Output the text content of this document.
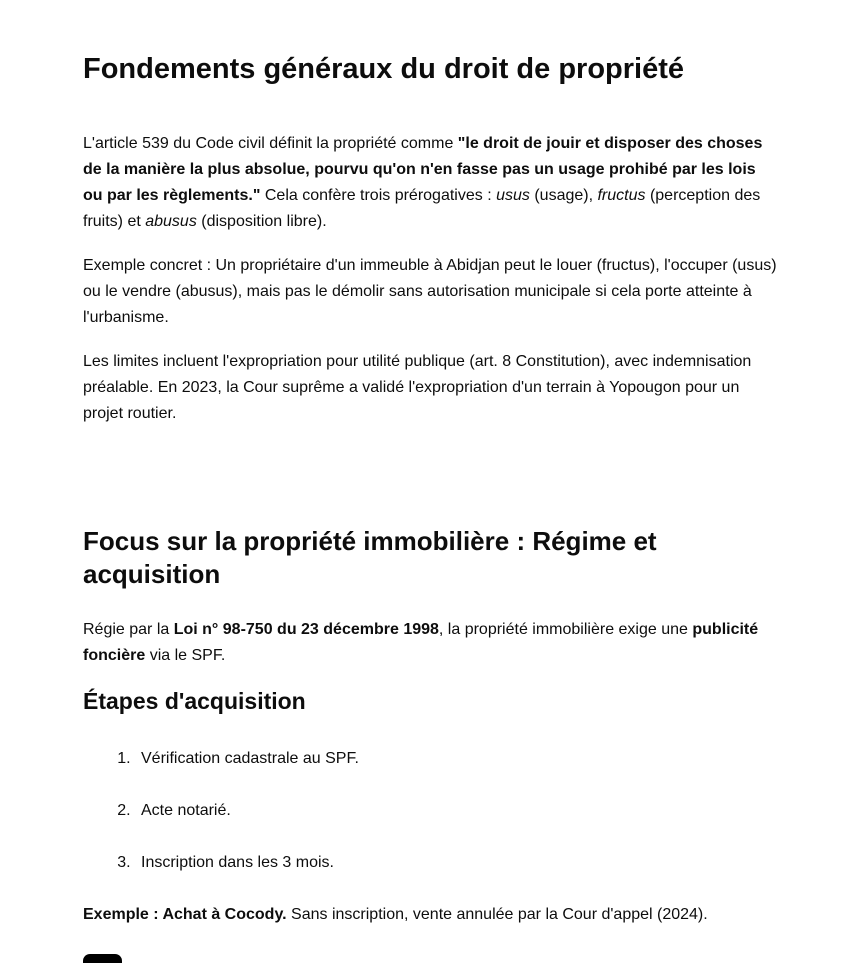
Fondements généraux du droit de propriété

L'article 539 du Code civil définit la propriété comme "le droit de jouir et disposer des choses de la manière la plus absolue, pourvu qu'on n'en fasse pas un usage prohibé par les lois ou par les règlements." Cela confère trois prérogatives : usus (usage), fructus (perception des fruits) et abusus (disposition libre).

Exemple concret : Un propriétaire d'un immeuble à Abidjan peut le louer (fructus), l'occuper (usus) ou le vendre (abusus), mais pas le démolir sans autorisation municipale si cela porte atteinte à l'urbanisme.

Les limites incluent l'expropriation pour utilité publique (art. 8 Constitution), avec indemnisation préalable. En 2023, la Cour suprême a validé l'expropriation d'un terrain à Yopougon pour un projet routier.

Focus sur la propriété immobilière : Régime et acquisition

Régie par la Loi n° 98-750 du 23 décembre 1998, la propriété immobilière exige une publicité foncière via le SPF.

Étapes d'acquisition
1. Vérification cadastrale au SPF.
2. Acte notarié.
3. Inscription dans les 3 mois.

Exemple : Achat à Cocody. Sans inscription, vente annulée par la Cour d'appel (2024).
